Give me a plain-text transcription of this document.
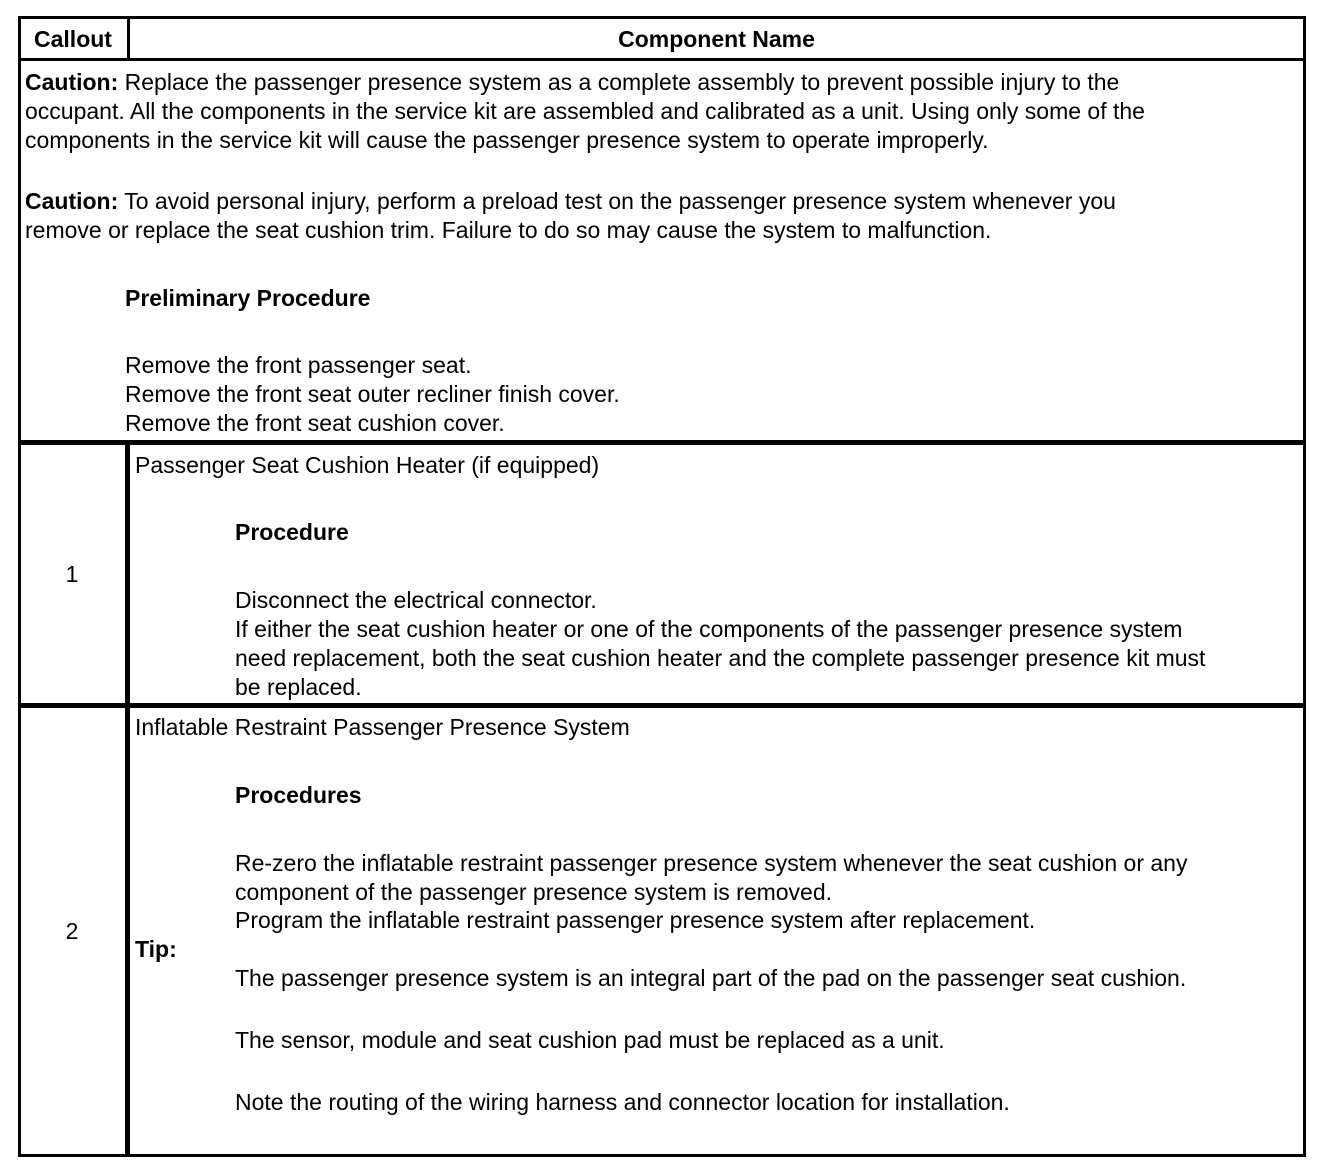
Callout	Component Name
Caution: Replace the passenger presence system as a complete assembly to prevent possible injury to the
occupant. All the components in the service kit are assembled and calibrated as a unit. Using only some of the
components in the service kit will cause the passenger presence system to operate improperly.
Caution: To avoid personal injury, perform a preload test on the passenger presence system whenever you
remove or replace the seat cushion trim. Failure to do so may cause the system to malfunction.
Preliminary Procedure
Remove the front passenger seat.
Remove the front seat outer recliner finish cover.
Remove the front seat cushion cover.
1
Passenger Seat Cushion Heater (if equipped)
Procedure
Disconnect the electrical connector.
If either the seat cushion heater or one of the components of the passenger presence system
need replacement, both the seat cushion heater and the complete passenger presence kit must
be replaced.
2
Inflatable Restraint Passenger Presence System
Procedures
Re-zero the inflatable restraint passenger presence system whenever the seat cushion or any
component of the passenger presence system is removed.
Program the inflatable restraint passenger presence system after replacement.
Tip:
The passenger presence system is an integral part of the pad on the passenger seat cushion.
The sensor, module and seat cushion pad must be replaced as a unit.
Note the routing of the wiring harness and connector location for installation.
